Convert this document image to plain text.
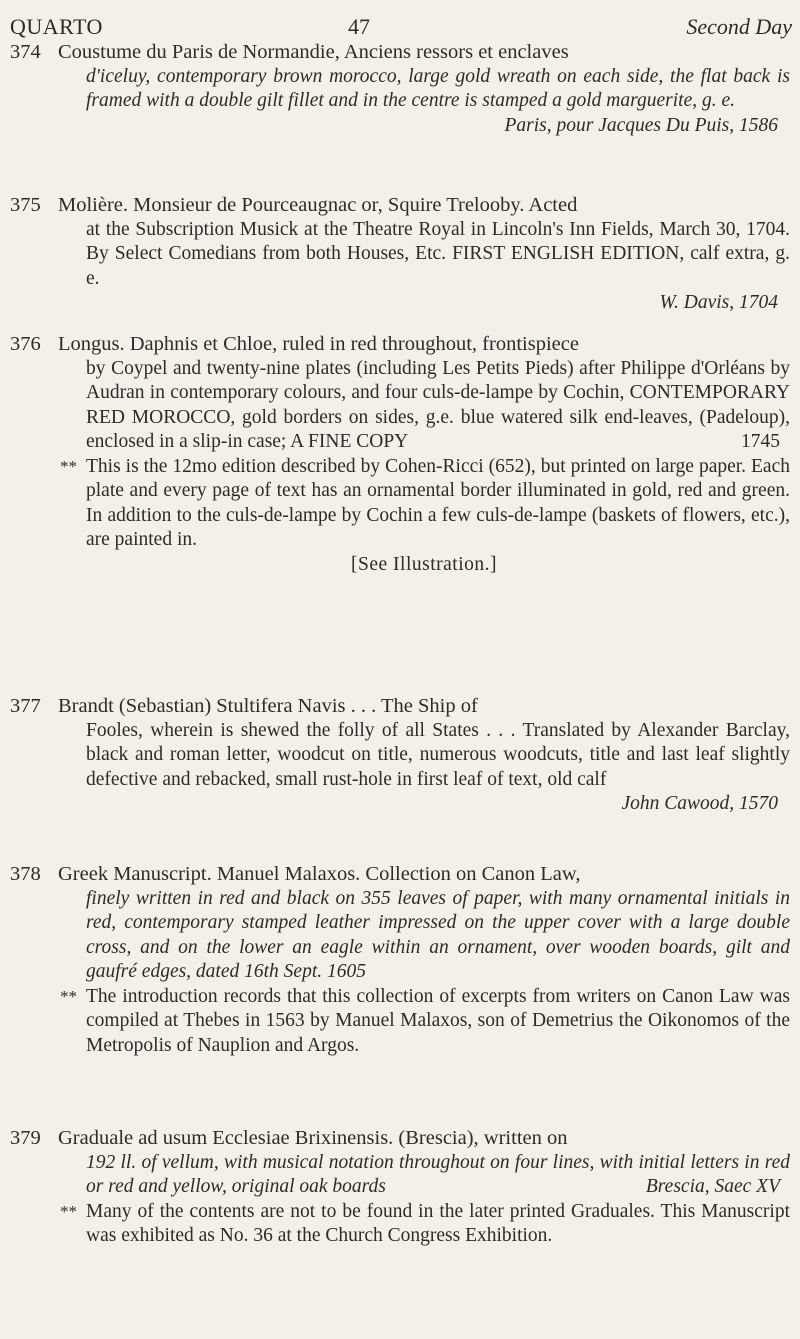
QUARTO	47	Second Day
374 Coustume du Paris de Normandie, Anciens ressors et enclaves

d'iceluy, contemporary brown morocco, large gold wreath on each side, the flat back is framed with a double gilt fillet and in the centre is stamped a gold marguerite, g. e.

Paris, pour Jacques Du Puis, 1586

375 Molière. Monsieur de Pourceaugnac or, Squire Trelooby. Acted

at the Subscription Musick at the Theatre Royal in Lincoln's Inn Fields, March 30, 1704. By Select Comedians from both Houses, Etc. FIRST ENGLISH EDITION, calf extra, g. e.

W. Davis, 1704

376 Longus. Daphnis et Chloe, ruled in red throughout, frontispiece

by Coypel and twenty-nine plates (including Les Petits Pieds) after Philippe d'Orléans by Audran in contemporary colours, and four culs-de-lampe by Cochin, CONTEMPORARY RED MOROCCO, gold borders on sides, g.e. blue watered silk end-leaves, (Padeloup), enclosed in a slip-in case; A FINE COPY	1745

** This is the 12mo edition described by Cohen-Ricci (652), but printed on large paper. Each plate and every page of text has an ornamental border illuminated in gold, red and green. In addition to the culs-de-lampe by Cochin a few culs-de-lampe (baskets of flowers, etc.), are painted in.

[See Illustration.]

377 Brandt (Sebastian) Stultifera Navis . . . The Ship of

Fooles, wherein is shewed the folly of all States . . . Translated by Alexander Barclay, black and roman letter, woodcut on title, numerous woodcuts, title and last leaf slightly defective and rebacked, small rust-hole in first leaf of text, old calf

John Cawood, 1570

378 Greek Manuscript. Manuel Malaxos. Collection on Canon Law,

finely written in red and black on 355 leaves of paper, with many ornamental initials in red, contemporary stamped leather impressed on the upper cover with a large double cross, and on the lower an eagle within an ornament, over wooden boards, gilt and gaufré edges, dated 16th Sept. 1605

** The introduction records that this collection of excerpts from writers on Canon Law was compiled at Thebes in 1563 by Manuel Malaxos, son of Demetrius the Oikonomos of the Metropolis of Nauplion and Argos.

379 Graduale ad usum Ecclesiae Brixinensis. (Brescia), written on

192 ll. of vellum, with musical notation throughout on four lines, with initial letters in red or red and yellow, original oak boards	Brescia, Saec XV

** Many of the contents are not to be found in the later printed Graduales. This Manuscript was exhibited as No. 36 at the Church Congress Exhibition.
